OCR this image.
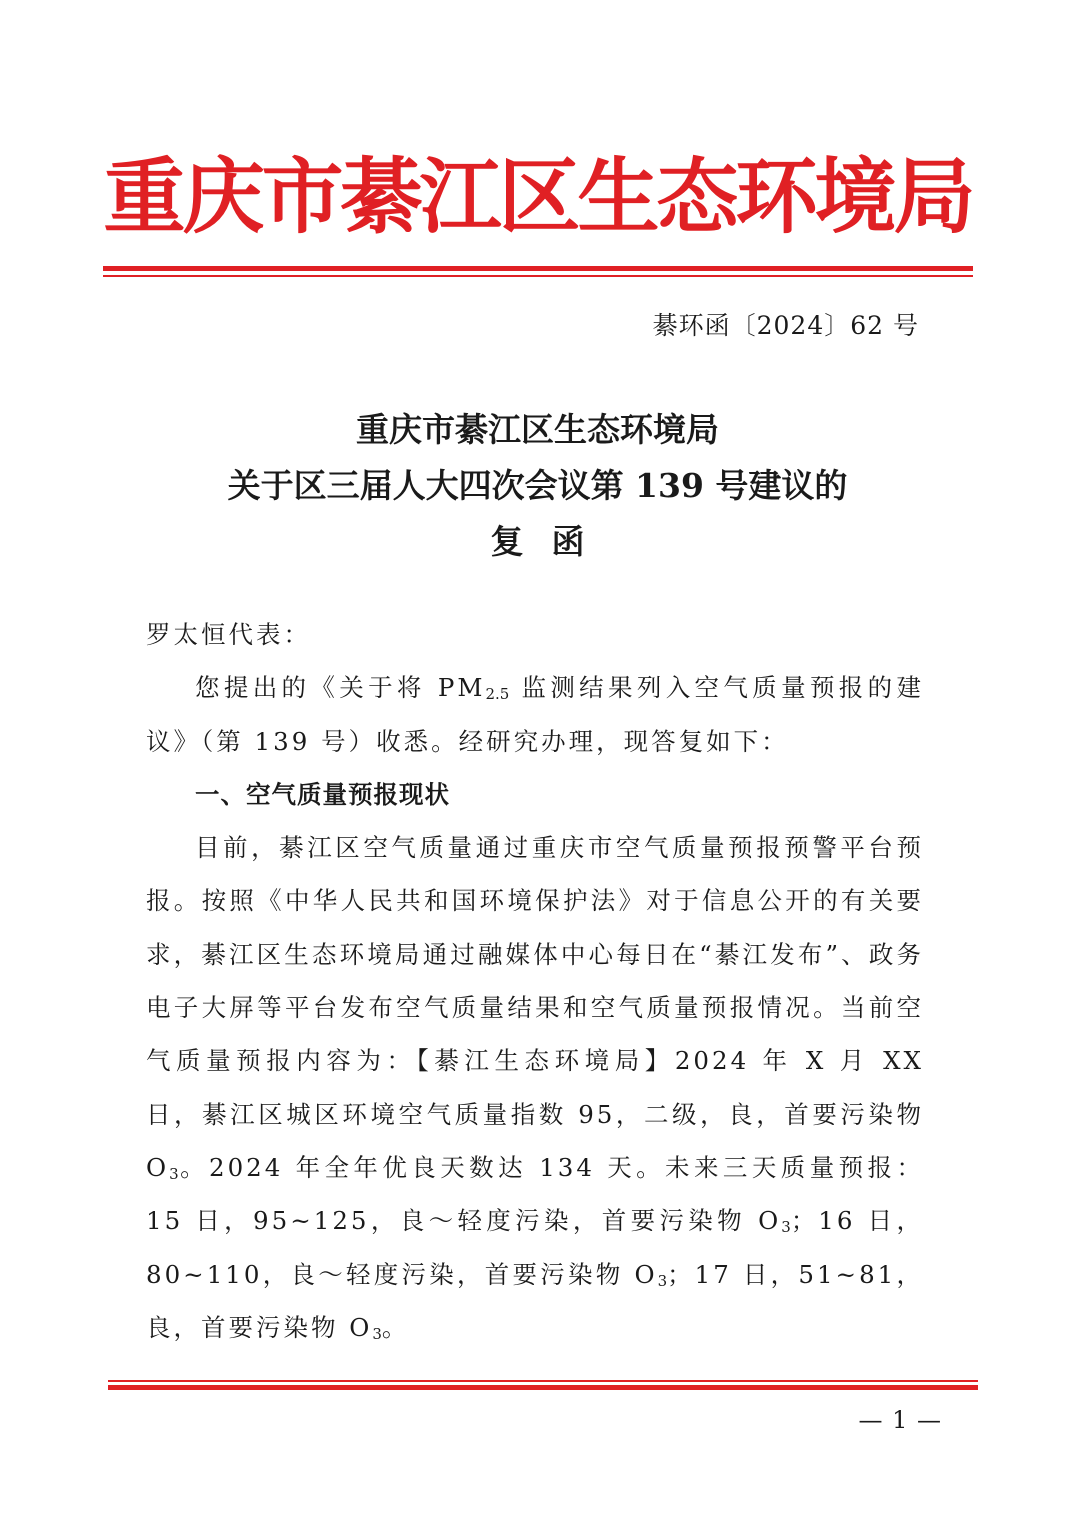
重庆市綦江区生态环境局
綦环函〔2024〕62 号
重庆市綦江区生态环境局
关于区三届人大四次会议第 139 号建议的
复函

罗太恒代表：

您提出的《关于将 $PM_{2.5}$ 监测结果列入空气质量预报的建议》（第 139 号）收悉。经研究办理，现答复如下：

一、空气质量预报现状

目前，綦江区空气质量通过重庆市空气质量预报预警平台预报。按照《中华人民共和国环境保护法》对于信息公开的有关要求，綦江区生态环境局通过融媒体中心每日在“綦江发布”、政务电子大屏等平台发布空气质量结果和空气质量预报情况。当前空气质量预报内容为：【綦江生态环境局】2024 年 X 月 XX 日，綦江区城区环境空气质量指数 95，二级，良，首要污染物 $O_3$。2024 年全年优良天数达 134 天。未来三天质量预报：15 日，95~125，良～轻度污染，首要污染物 $O_3$；16 日，80~110，良～轻度污染，首要污染物 $O_3$；17 日，51~81，良，首要污染物 $O_3$。

— 1 —
